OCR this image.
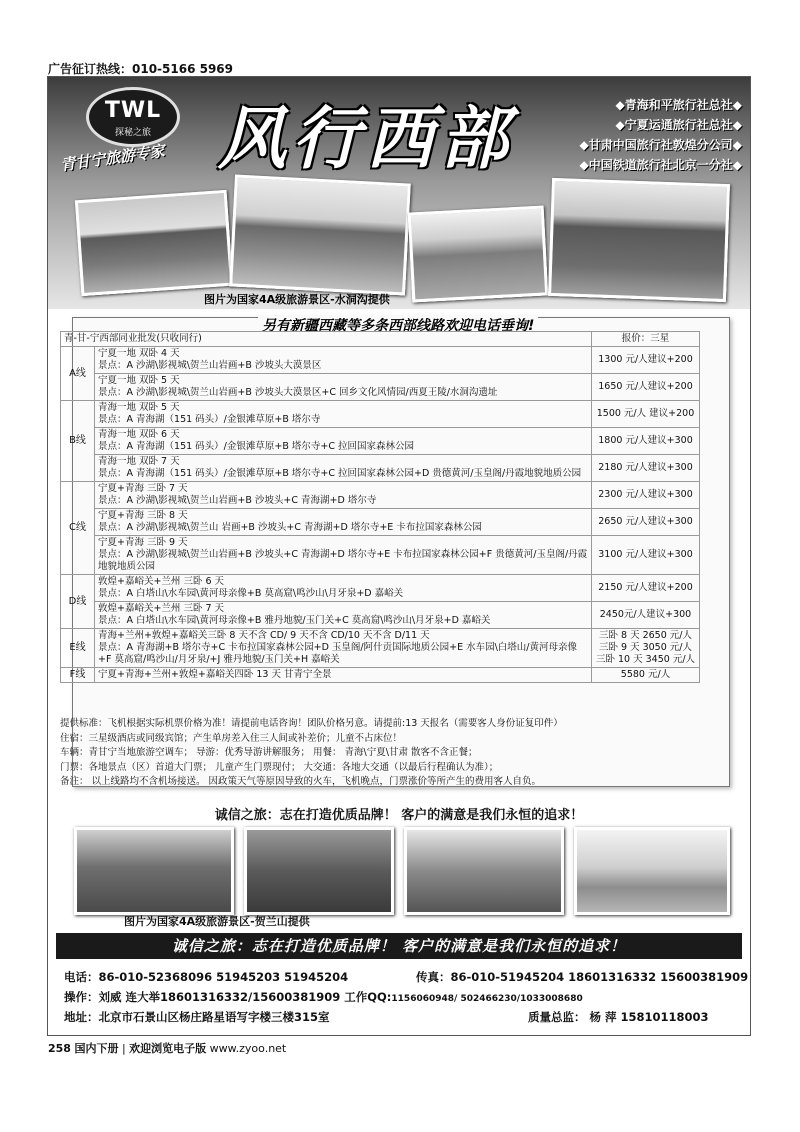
广告征订热线：010-5166 5969
TWL
探秘之旅
青甘宁旅游专家 风行西部	◆青海和平旅行社总社◆
◆宁夏运通旅行社总社◆
◆甘肃中国旅行社敦煌分公司◆
◆中国铁道旅行社北京一分社◆
图片为国家4A级旅游景区-水洞沟提供
另有新疆西藏等多条西部线路欢迎电话垂询!
青-甘-宁西部同业批发(只收同行)		报价：三星
A线	宁夏一地 双卧 4 天
景点：A 沙湖\影视城\贺兰山岩画+B 沙坡头大漠景区	1300 元/人建议+200

	宁夏一地 双卧 5 天
景点：A 沙湖\影视城\贺兰山岩画+B 沙坡头大漠景区+C 回乡文化风情园/西夏王陵/水洞沟遗址	1650 元/人建议+200
B线	青海一地 双卧 5 天
景点：A 青海湖（151 码头）/金银滩草原+B 塔尔寺	1500 元/人 建议+200

	青海一地 双卧 6 天
景点：A 青海湖（151 码头）/金银滩草原+B 塔尔寺+C 拉回国家森林公园	1800 元/人建议+300

	青海一地 双卧 7 天
景点：A 青海湖（151 码头）/金银滩草原+B 塔尔寺+C 拉回国家森林公园+D 贵德黄河/玉皇阁/丹霞地貌地质公园	2180 元/人建议+300
C线	宁夏+青海 三卧 7 天
景点：A 沙湖\影视城\贺兰山岩画+B 沙坡头+C 青海湖+D 塔尔寺	2300 元/人建议+300

	宁夏+青海 三卧 8 天
景点：A 沙湖\影视城\贺兰山 岩画+B 沙坡头+C 青海湖+D 塔尔寺+E 卡布拉国家森林公园	2650 元/人建议+300

	宁夏+青海 三卧 9 天
景点：A 沙湖\影视城\贺兰山岩画+B 沙坡头+C 青海湖+D 塔尔寺+E 卡布拉国家森林公园+F 贵德黄河/玉皇阁/丹霞地貌地质公园	3100 元/人建议+300
D线	敦煌+嘉峪关+兰州 三卧 6 天
景点：A 白塔山\水车园\黄河母亲像+B 莫高窟\鸣沙山\月牙泉+D 嘉峪关	2150 元/人建议+200

	敦煌+嘉峪关+兰州 三卧 7 天
景点：A 白塔山\水车园\黄河母亲像+B 雅丹地貌/玉门关+C 莫高窟\鸣沙山\月牙泉+D 嘉峪关	2450元/人建议+300
E线	青海+兰州+敦煌+嘉峪关三卧 8 天不含 CD/ 9 天不含 CD/10 天不含 D/11 天
景点：A 青海湖+B 塔尔寺+C 卡布拉国家森林公园+D 玉皇阁/阿什贡国际地质公园+E 水车园\白塔山/黄河母亲像+F 莫高窟/鸣沙山/月牙泉/+J 雅丹地貌/玉门关+H 嘉峪关	三卧 8 天 2650 元/人 三卧 9 天 3050 元/人 三卧 10 天 3450 元/人
F线	宁夏+青海+兰州+敦煌+嘉峪关四卧 13 天 甘青宁全景	5580 元/人
提供标准：飞机根据实际机票价格为准！请提前电话咨询！团队价格另意。请提前:13 天报名（需要客人身份证复印件）
住宿：三星级酒店或同级宾馆；产生单房差入住三人间或补差价；儿童不占床位！
车辆：青甘宁当地旅游空调车； 导游：优秀导游讲解服务； 用餐： 青海\宁夏\甘肃 散客不含正餐；
门票：各地景点（区）首道大门票； 儿童产生门票现付； 大交通：各地大交通（以最后行程确认为准）；
备注： 以上线路均不含机场接送。 因政策天气等原因导致的火车，飞机晚点，门票涨价等所产生的费用客人自负。
诚信之旅：志在打造优质品牌！ 客户的满意是我们永恒的追求！
图片为国家4A级旅游景区-贺兰山提供
诚信之旅：志在打造优质品牌！ 客户的满意是我们永恒的追求！
电话：86-010-52368096 51945203 51945204	传真：86-010-51945204 18601316332 15600381909
操作：刘威 连大举18601316332/15600381909 工作QQ:1156060948/ 502466230/1033008680
地址：北京市石景山区杨庄路星语写字楼三楼315室	质量总监： 杨 萍 15810118003
258 国内下册 | 欢迎浏览电子版 www.zyoo.net
